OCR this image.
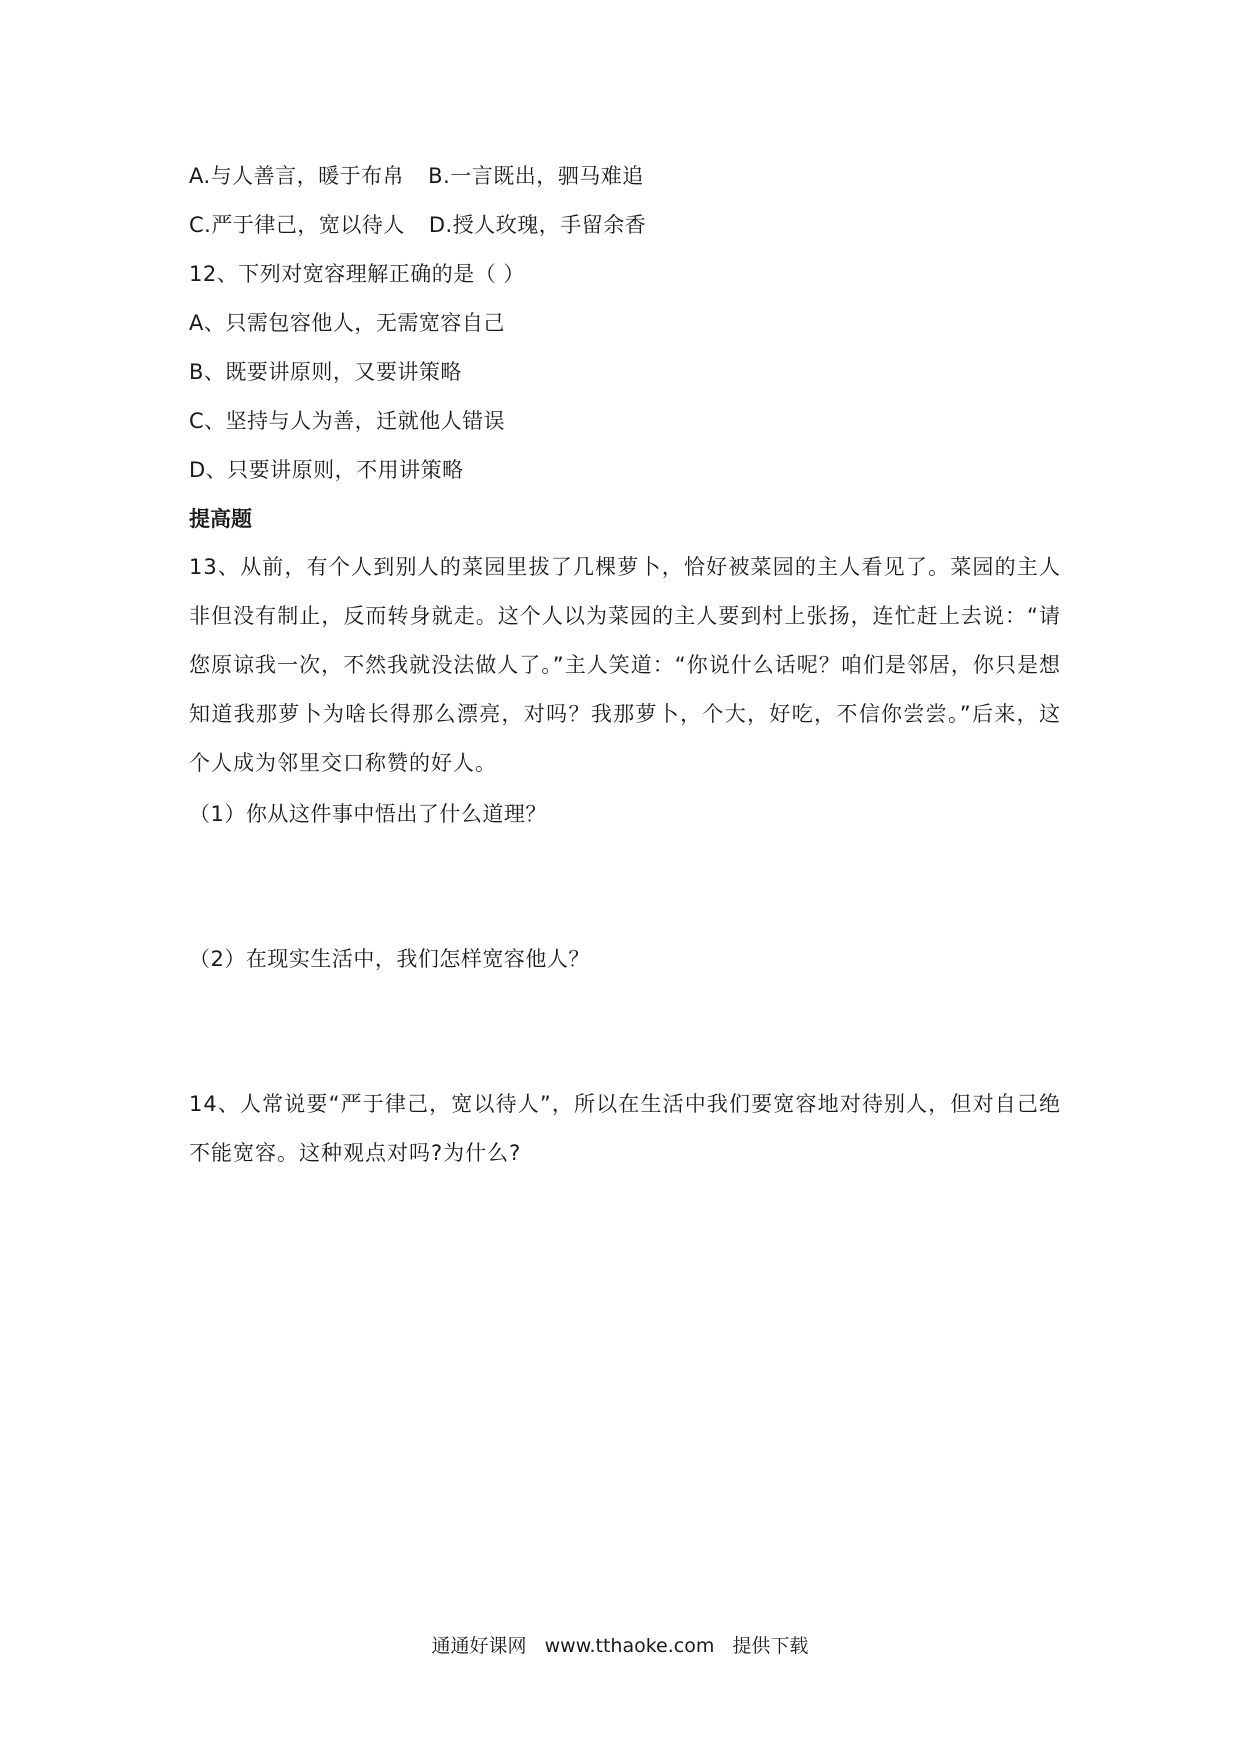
A.与人善言，暖于布帛 B.一言既出，驷马难追
C.严于律己，宽以待人 D.授人玫瑰，手留余香
12、下列对宽容理解正确的是（ ）
A、只需包容他人，无需宽容自己
B、既要讲原则，又要讲策略
C、坚持与人为善，迁就他人错误
D、只要讲原则，不用讲策略
提高题
13、从前，有个人到别人的菜园里拔了几棵萝卜，恰好被菜园的主人看见了。菜园的主人非但没有制止，反而转身就走。这个人以为菜园的主人要到村上张扬，连忙赶上去说：“请您原谅我一次，不然我就没法做人了。”主人笑道：“你说什么话呢？咱们是邻居，你只是想知道我那萝卜为啥长得那么漂亮，对吗？我那萝卜，个大，好吃，不信你尝尝。”后来，这个人成为邻里交口称赞的好人。
（1）你从这件事中悟出了什么道理？
（2）在现实生活中，我们怎样宽容他人？
14、人常说要“严于律己，宽以待人”，所以在生活中我们要宽容地对待别人，但对自己绝不能宽容。这种观点对吗?为什么?
通通好课网 www.tthaoke.com 提供下载
